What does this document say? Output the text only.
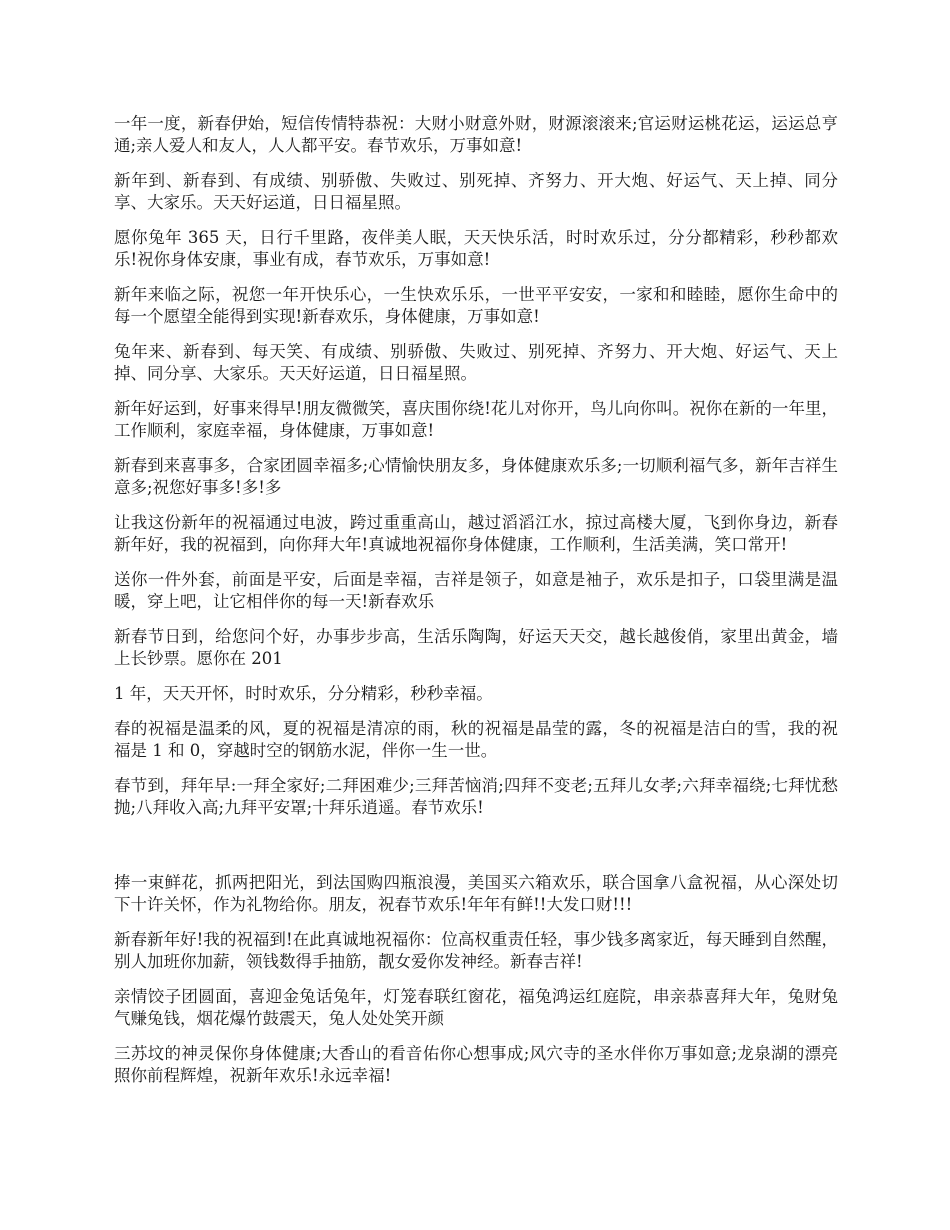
一年一度，新春伊始，短信传情特恭祝：大财小财意外财，财源滚滚来;官运财运桃花运，运运总亨通;亲人爱人和友人，人人都平安。春节欢乐，万事如意!

新年到、新春到、有成绩、别骄傲、失败过、别死掉、齐努力、开大炮、好运气、天上掉、同分享、大家乐。天天好运道，日日福星照。

愿你兔年 365 天，日行千里路，夜伴美人眠，天天快乐活，时时欢乐过，分分都精彩，秒秒都欢乐!祝你身体安康，事业有成，春节欢乐，万事如意!

新年来临之际，祝您一年开快乐心，一生快欢乐乐，一世平平安安，一家和和睦睦，愿你生命中的每一个愿望全能得到实现!新春欢乐，身体健康，万事如意!

兔年来、新春到、每天笑、有成绩、别骄傲、失败过、别死掉、齐努力、开大炮、好运气、天上掉、同分享、大家乐。天天好运道，日日福星照。

新年好运到，好事来得早!朋友微微笑，喜庆围你绕!花儿对你开，鸟儿向你叫。祝你在新的一年里，工作顺利，家庭幸福，身体健康，万事如意!

新春到来喜事多，合家团圆幸福多;心情愉快朋友多，身体健康欢乐多;一切顺利福气多，新年吉祥生意多;祝您好事多!多!多

让我这份新年的祝福通过电波，跨过重重高山，越过滔滔江水，掠过高楼大厦，飞到你身边，新春新年好，我的祝福到，向你拜大年!真诚地祝福你身体健康，工作顺利，生活美满，笑口常开!

送你一件外套，前面是平安，后面是幸福，吉祥是领子，如意是袖子，欢乐是扣子，口袋里满是温暖，穿上吧，让它相伴你的每一天!新春欢乐

新春节日到，给您问个好，办事步步高，生活乐陶陶，好运天天交，越长越俊俏，家里出黄金，墙上长钞票。愿你在 201

1 年，天天开怀，时时欢乐，分分精彩，秒秒幸福。

春的祝福是温柔的风，夏的祝福是清凉的雨，秋的祝福是晶莹的露，冬的祝福是洁白的雪，我的祝福是 1 和 0，穿越时空的钢筋水泥，伴你一生一世。

春节到，拜年早:一拜全家好;二拜困难少;三拜苦恼消;四拜不变老;五拜儿女孝;六拜幸福绕;七拜忧愁抛;八拜收入高;九拜平安罩;十拜乐逍遥。春节欢乐!

捧一束鲜花，抓两把阳光，到法国购四瓶浪漫，美国买六箱欢乐，联合国拿八盒祝福，从心深处切下十许关怀，作为礼物给你。朋友，祝春节欢乐!年年有鲜!!大发口财!!!

新春新年好!我的祝福到!在此真诚地祝福你：位高权重责任轻，事少钱多离家近，每天睡到自然醒，别人加班你加薪，领钱数得手抽筋，靓女爱你发神经。新春吉祥!

亲情饺子团圆面，喜迎金兔话兔年，灯笼春联红窗花，福兔鸿运红庭院，串亲恭喜拜大年，兔财兔气赚兔钱，烟花爆竹鼓震天，兔人处处笑开颜

三苏坟的神灵保你身体健康;大香山的看音佑你心想事成;风穴寺的圣水伴你万事如意;龙泉湖的漂亮照你前程辉煌，祝新年欢乐!永远幸福!
